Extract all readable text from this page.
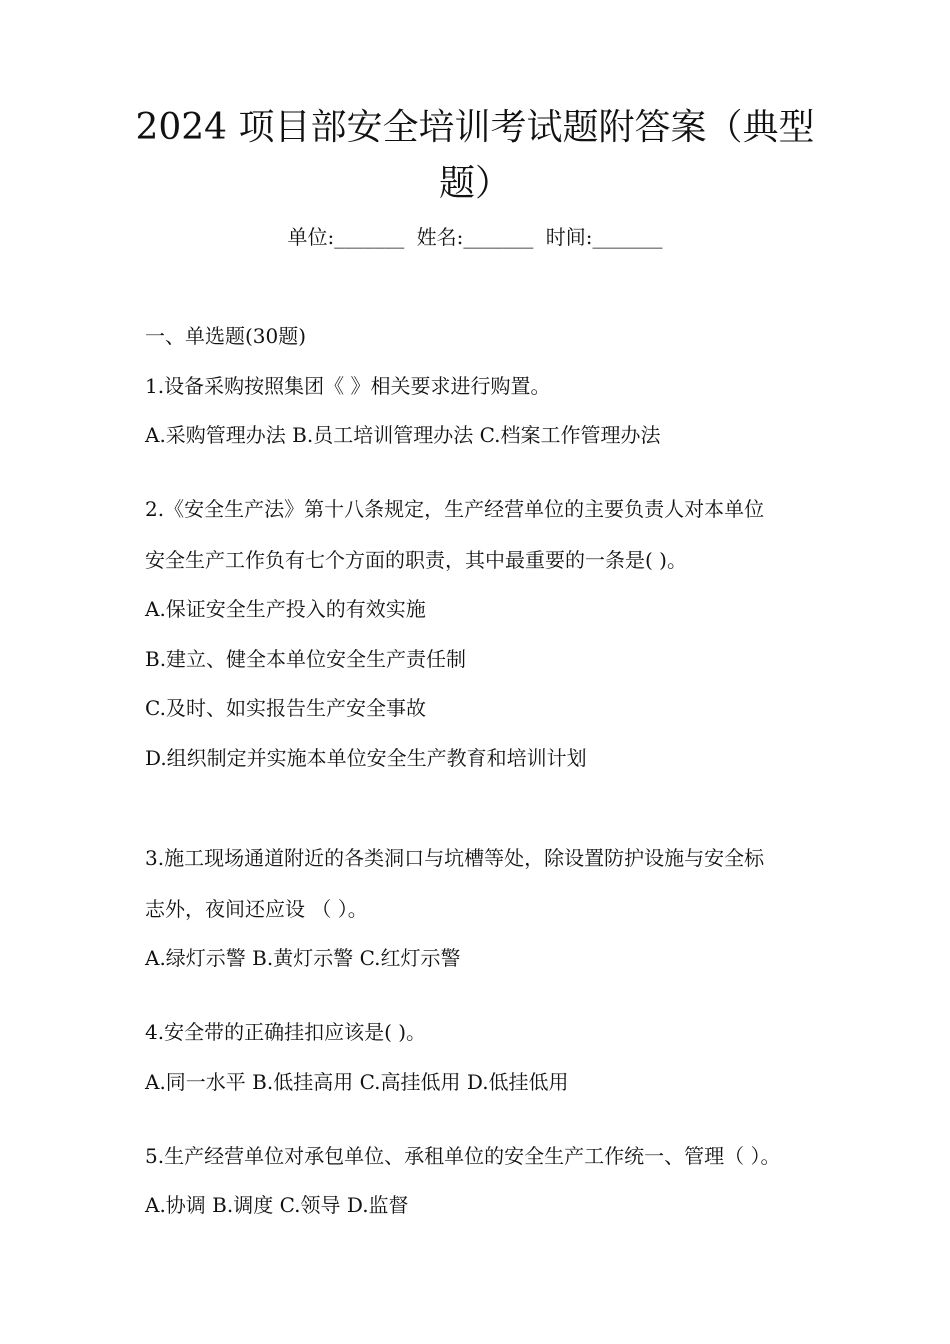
2024 项目部安全培训考试题附答案（典型
题）
单位:_______ 姓名:_______ 时间:_______

一、单选题(30题)

1.设备采购按照集团《 》相关要求进行购置。

A.采购管理办法 B.员工培训管理办法 C.档案工作管理办法

2.《安全生产法》第十八条规定，生产经营单位的主要负责人对本单位

安全生产工作负有七个方面的职责，其中最重要的一条是( )。

A.保证安全生产投入的有效实施

B.建立、健全本单位安全生产责任制

C.及时、如实报告生产安全事故

D.组织制定并实施本单位安全生产教育和培训计划

3.施工现场通道附近的各类洞口与坑槽等处，除设置防护设施与安全标

志外，夜间还应设 （ ）。

A.绿灯示警 B.黄灯示警 C.红灯示警

4.安全带的正确挂扣应该是( )。

A.同一水平 B.低挂高用 C.高挂低用 D.低挂低用

5.生产经营单位对承包单位、承租单位的安全生产工作统一、管理（ ）。

A.协调 B.调度 C.领导 D.监督
